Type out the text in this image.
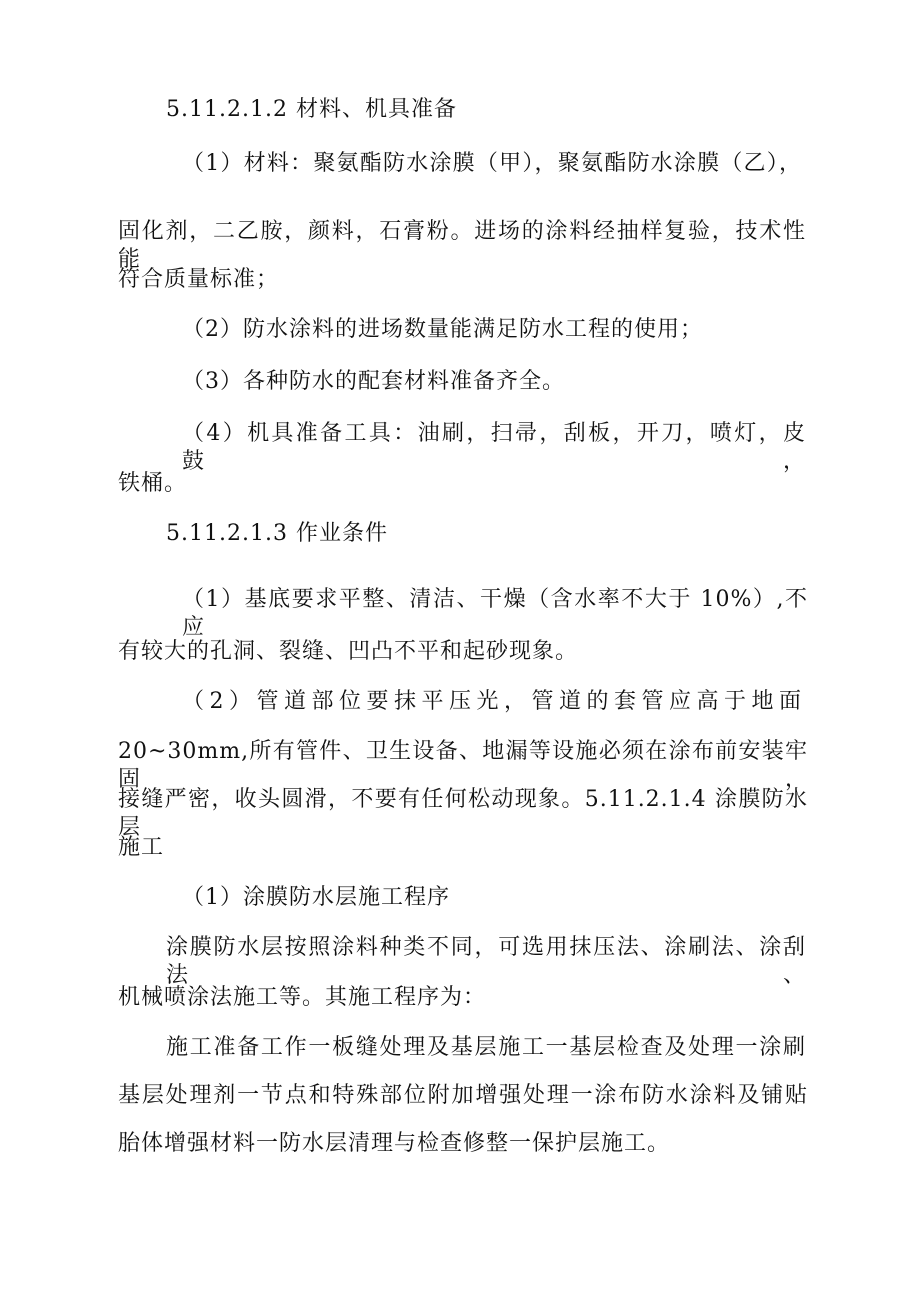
5.11.2.1.2 材料、机具准备

（1）材料：聚氨酯防水涂膜（甲），聚氨酯防水涂膜（乙），

固化剂，二乙胺，颜料，石膏粉。进场的涂料经抽样复验，技术性能

符合质量标准；

（2）防水涂料的进场数量能满足防水工程的使用；

（3）各种防水的配套材料准备齐全。

（4）机具准备工具：油刷，扫帚，刮板，开刀，喷灯，皮鼓，

铁桶。

5.11.2.1.3 作业条件

（1）基底要求平整、清洁、干燥（含水率不大于 10%）,不应

有较大的孔洞、裂缝、凹凸不平和起砂现象。

（2）管道部位要抹平压光，管道的套管应高于地面

20~30mm,所有管件、卫生设备、地漏等设施必须在涂布前安装牢固，

接缝严密，收头圆滑，不要有任何松动现象。5.11.2.1.4 涂膜防水层

施工

（1）涂膜防水层施工程序

涂膜防水层按照涂料种类不同，可选用抹压法、涂刷法、涂刮法、

机械喷涂法施工等。其施工程序为：

施工准备工作一板缝处理及基层施工一基层检查及处理一涂刷

基层处理剂一节点和特殊部位附加增强处理一涂布防水涂料及铺贴

胎体增强材料一防水层清理与检查修整一保护层施工。
